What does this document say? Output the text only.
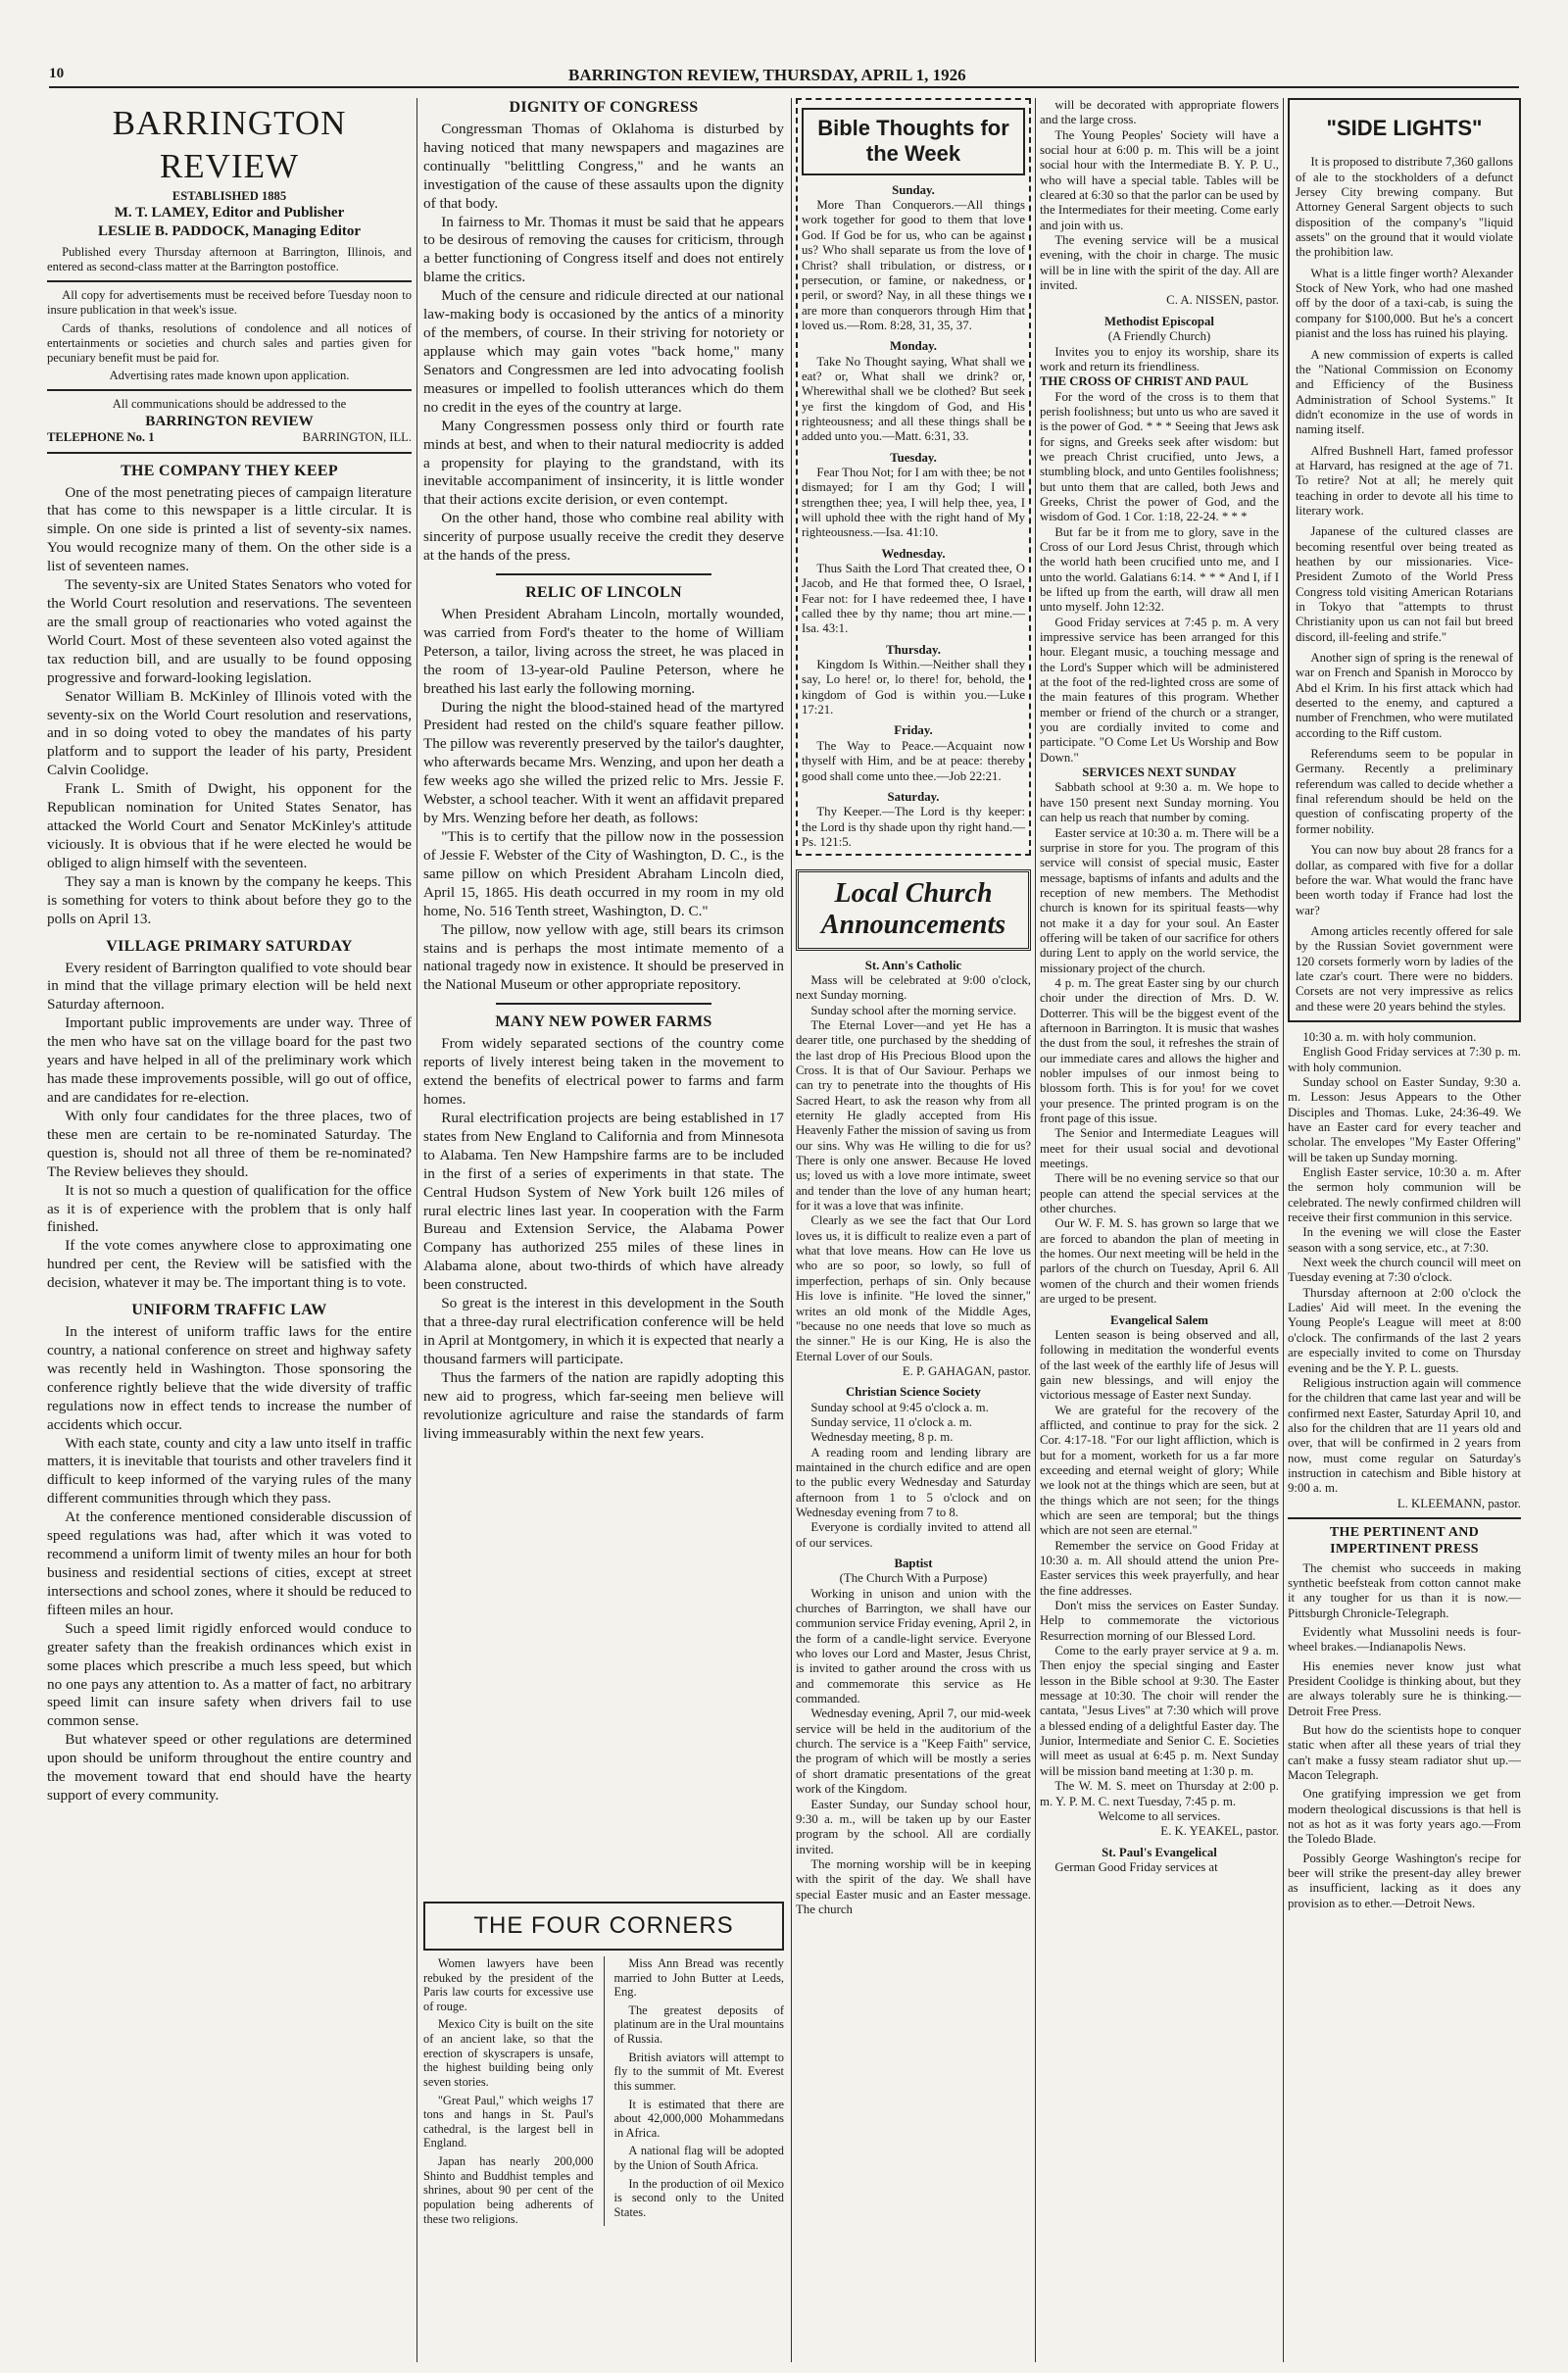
10	BARRINGTON REVIEW, THURSDAY, APRIL 1, 1926
BARRINGTON REVIEW
ESTABLISHED 1885
M. T. LAMEY, Editor and Publisher
LESLIE B. PADDOCK, Managing Editor

Published every Thursday afternoon at Barrington, Illinois, and entered as second-class matter at the Barrington postoffice.

All copy for advertisements must be received before Tuesday noon to insure publication in that week's issue.

Cards of thanks, resolutions of condolence and all notices of entertainments or societies and church sales and parties given for pecuniary benefit must be paid for.

Advertising rates made known upon application.

All communications should be addressed to the
BARRINGTON REVIEW
TELEPHONE No. 1	BARRINGTON, ILL.
THE COMPANY THEY KEEP

One of the most penetrating pieces of campaign literature that has come to this newspaper is a little circular. It is simple. On one side is printed a list of seventy-six names. You would recognize many of them. On the other side is a list of seventeen names.

The seventy-six are United States Senators who voted for the World Court resolution and reservations. The seventeen are the small group of reactionaries who voted against the World Court. Most of these seventeen also voted against the tax reduction bill, and are usually to be found opposing progressive and forward-looking legislation.

Senator William B. McKinley of Illinois voted with the seventy-six on the World Court resolution and reservations, and in so doing voted to obey the mandates of his party platform and to support the leader of his party, President Calvin Coolidge.

Frank L. Smith of Dwight, his opponent for the Republican nomination for United States Senator, has attacked the World Court and Senator McKinley's attitude viciously. It is obvious that if he were elected he would be obliged to align himself with the seventeen.

They say a man is known by the company he keeps. This is something for voters to think about before they go to the polls on April 13.

VILLAGE PRIMARY SATURDAY

Every resident of Barrington qualified to vote should bear in mind that the village primary election will be held next Saturday afternoon.

Important public improvements are under way. Three of the men who have sat on the village board for the past two years and have helped in all of the preliminary work which has made these improvements possible, will go out of office, and are candidates for re-election.

With only four candidates for the three places, two of these men are certain to be re-nominated Saturday. The question is, should not all three of them be re-nominated? The Review believes they should.

It is not so much a question of qualification for the office as it is of experience with the problem that is only half finished.

If the vote comes anywhere close to approximating one hundred per cent, the Review will be satisfied with the decision, whatever it may be. The important thing is to vote.

UNIFORM TRAFFIC LAW

In the interest of uniform traffic laws for the entire country, a national conference on street and highway safety was recently held in Washington. Those sponsoring the conference rightly believe that the wide diversity of traffic regulations now in effect tends to increase the number of accidents which occur.

With each state, county and city a law unto itself in traffic matters, it is inevitable that tourists and other travelers find it difficult to keep informed of the varying rules of the many different communities through which they pass.

At the conference mentioned considerable discussion of speed regulations was had, after which it was voted to recommend a uniform limit of twenty miles an hour for both business and residential sections of cities, except at street intersections and school zones, where it should be reduced to fifteen miles an hour.

Such a speed limit rigidly enforced would conduce to greater safety than the freakish ordinances which exist in some places which prescribe a much less speed, but which no one pays any attention to. As a matter of fact, no arbitrary speed limit can insure safety when drivers fail to use common sense.

But whatever speed or other regulations are determined upon should be uniform throughout the entire country and the movement toward that end should have the hearty support of every community.

DIGNITY OF CONGRESS

Congressman Thomas of Oklahoma is disturbed by having noticed that many newspapers and magazines are continually "belittling Congress," and he wants an investigation of the cause of these assaults upon the dignity of that body.

In fairness to Mr. Thomas it must be said that he appears to be desirous of removing the causes for criticism, through a better functioning of Congress itself and does not entirely blame the critics.

Much of the censure and ridicule directed at our national law-making body is occasioned by the antics of a minority of the members, of course. In their striving for notoriety or applause which may gain votes "back home," many Senators and Congressmen are led into advocating foolish measures or impelled to foolish utterances which do them no credit in the eyes of the country at large.

Many Congressmen possess only third or fourth rate minds at best, and when to their natural mediocrity is added a propensity for playing to the grandstand, with its inevitable accompaniment of insincerity, it is little wonder that their actions excite derision, or even contempt.

On the other hand, those who combine real ability with sincerity of purpose usually receive the credit they deserve at the hands of the press.

RELIC OF LINCOLN

When President Abraham Lincoln, mortally wounded, was carried from Ford's theater to the home of William Peterson, a tailor, living across the street, he was placed in the room of 13-year-old Pauline Peterson, where he breathed his last early the following morning.

During the night the blood-stained head of the martyred President had rested on the child's square feather pillow. The pillow was reverently preserved by the tailor's daughter, who afterwards became Mrs. Wenzing, and upon her death a few weeks ago she willed the prized relic to Mrs. Jessie F. Webster, a school teacher. With it went an affidavit prepared by Mrs. Wenzing before her death, as follows:

"This is to certify that the pillow now in the possession of Jessie F. Webster of the City of Washington, D. C., is the same pillow on which President Abraham Lincoln died, April 15, 1865. His death occurred in my room in my old home, No. 516 Tenth street, Washington, D. C."

The pillow, now yellow with age, still bears its crimson stains and is perhaps the most intimate memento of a national tragedy now in existence. It should be preserved in the National Museum or other appropriate repository.

MANY NEW POWER FARMS

From widely separated sections of the country come reports of lively interest being taken in the movement to extend the benefits of electrical power to farms and farm homes.

Rural electrification projects are being established in 17 states from New England to California and from Minnesota to Alabama. Ten New Hampshire farms are to be included in the first of a series of experiments in that state. The Central Hudson System of New York built 126 miles of rural electric lines last year. In cooperation with the Farm Bureau and Extension Service, the Alabama Power Company has authorized 255 miles of these lines in Alabama alone, about two-thirds of which have already been constructed.

So great is the interest in this development in the South that a three-day rural electrification conference will be held in April at Montgomery, in which it is expected that nearly a thousand farmers will participate.

Thus the farmers of the nation are rapidly adopting this new aid to progress, which far-seeing men believe will revolutionize agriculture and raise the standards of farm living immeasurably within the next few years.

THE FOUR CORNERS

Women lawyers have been rebuked by the president of the Paris law courts for excessive use of rouge.

Mexico City is built on the site of an ancient lake, so that the erection of skyscrapers is unsafe, the highest building being only seven stories.

"Great Paul," which weighs 17 tons and hangs in St. Paul's cathedral, is the largest bell in England.

Japan has nearly 200,000 Shinto and Buddhist temples and shrines, about 90 per cent of the population being adherents of these two religions.

Miss Ann Bread was recently married to John Butter at Leeds, Eng.

The greatest deposits of platinum are in the Ural mountains of Russia.

British aviators will attempt to fly to the summit of Mt. Everest this summer.

It is estimated that there are about 42,000,000 Mohammedans in Africa.

A national flag will be adopted by the Union of South Africa.

In the production of oil Mexico is second only to the United States.

Bible Thoughts for the Week
Sunday.

More Than Conquerors.—All things work together for good to them that love God. If God be for us, who can be against us? Who shall separate us from the love of Christ? shall tribulation, or distress, or persecution, or famine, or nakedness, or peril, or sword? Nay, in all these things we are more than conquerors through Him that loved us.—Rom. 8:28, 31, 35, 37.

Monday.

Take No Thought saying, What shall we eat? or, What shall we drink? or, Wherewithal shall we be clothed? But seek ye first the kingdom of God, and His righteousness; and all these things shall be added unto you.—Matt. 6:31, 33.

Tuesday.

Fear Thou Not; for I am with thee; be not dismayed; for I am thy God; I will strengthen thee; yea, I will help thee, yea, I will uphold thee with the right hand of My righteousness.—Isa. 41:10.

Wednesday.

Thus Saith the Lord That created thee, O Jacob, and He that formed thee, O Israel, Fear not: for I have redeemed thee, I have called thee by thy name; thou art mine.—Isa. 43:1.

Thursday.

Kingdom Is Within.—Neither shall they say, Lo here! or, lo there! for, behold, the kingdom of God is within you.—Luke 17:21.

Friday.

The Way to Peace.—Acquaint now thyself with Him, and be at peace: thereby good shall come unto thee.—Job 22:21.

Saturday.

Thy Keeper.—The Lord is thy keeper: the Lord is thy shade upon thy right hand.—Ps. 121:5.

Local Church Announcements
St. Ann's Catholic

Mass will be celebrated at 9:00 o'clock, next Sunday morning.

Sunday school after the morning service.

The Eternal Lover—and yet He has a dearer title, one purchased by the shedding of the last drop of His Precious Blood upon the Cross. It is that of Our Saviour. Perhaps we can try to penetrate into the thoughts of His Sacred Heart, to ask the reason why from all eternity He gladly accepted from His Heavenly Father the mission of saving us from our sins. Why was He willing to die for us? There is only one answer. Because He loved us; loved us with a love more intimate, sweet and tender than the love of any human heart; for it was a love that was infinite.

Clearly as we see the fact that Our Lord loves us, it is difficult to realize even a part of what that love means. How can He love us who are so poor, so lowly, so full of imperfection, perhaps of sin. Only because His love is infinite. "He loved the sinner," writes an old monk of the Middle Ages, "because no one needs that love so much as the sinner." He is our King, He is also the Eternal Lover of our Souls.

E. P. GAHAGAN, pastor.

Christian Science Society

Sunday school at 9:45 o'clock a. m.

Sunday service, 11 o'clock a. m.

Wednesday meeting, 8 p. m.

A reading room and lending library are maintained in the church edifice and are open to the public every Wednesday and Saturday afternoon from 1 to 5 o'clock and on Wednesday evening from 7 to 8.

Everyone is cordially invited to attend all of our services.

Baptist
(The Church With a Purpose)

Working in unison and union with the churches of Barrington, we shall have our communion service Friday evening, April 2, in the form of a candle-light service. Everyone who loves our Lord and Master, Jesus Christ, is invited to gather around the cross with us and commemorate this service as He commanded.

Wednesday evening, April 7, our mid-week service will be held in the auditorium of the church. The service is a "Keep Faith" service, the program of which will be mostly a series of short dramatic presentations of the great work of the Kingdom.

Easter Sunday, our Sunday school hour, 9:30 a. m., will be taken up by our Easter program by the school. All are cordially invited.

The morning worship will be in keeping with the spirit of the day. We shall have special Easter music and an Easter message. The church

will be decorated with appropriate flowers and the large cross.

The Young Peoples' Society will have a social hour at 6:00 p. m. This will be a joint social hour with the Intermediate B. Y. P. U., who will have a special table. Tables will be cleared at 6:30 so that the parlor can be used by the Intermediates for their meeting. Come early and join with us.

The evening service will be a musical evening, with the choir in charge. The music will be in line with the spirit of the day. All are invited.

C. A. NISSEN, pastor.

Methodist Episcopal
(A Friendly Church)

Invites you to enjoy its worship, share its work and return its friendliness.

THE CROSS OF CHRIST AND PAUL

For the word of the cross is to them that perish foolishness; but unto us who are saved it is the power of God. * * * Seeing that Jews ask for signs, and Greeks seek after wisdom: but we preach Christ crucified, unto Jews, a stumbling block, and unto Gentiles foolishness; but unto them that are called, both Jews and Greeks, Christ the power of God, and the wisdom of God. 1 Cor. 1:18, 22-24. * * *

But far be it from me to glory, save in the Cross of our Lord Jesus Christ, through which the world hath been crucified unto me, and I unto the world. Galatians 6:14. * * * And I, if I be lifted up from the earth, will draw all men unto myself. John 12:32.

Good Friday services at 7:45 p. m. A very impressive service has been arranged for this hour. Elegant music, a touching message and the Lord's Supper which will be administered at the foot of the red-lighted cross are some of the main features of this program. Whether member or friend of the church or a stranger, you are cordially invited to come and participate. "O Come Let Us Worship and Bow Down."

SERVICES NEXT SUNDAY

Sabbath school at 9:30 a. m. We hope to have 150 present next Sunday morning. You can help us reach that number by coming.

Easter service at 10:30 a. m. There will be a surprise in store for you. The program of this service will consist of special music, Easter message, baptisms of infants and adults and the reception of new members. The Methodist church is known for its spiritual feasts—why not make it a day for your soul. An Easter offering will be taken of our sacrifice for others during Lent to apply on the world service, the missionary project of the church.

4 p. m. The great Easter sing by our church choir under the direction of Mrs. D. W. Dotterrer. This will be the biggest event of the afternoon in Barrington. It is music that washes the dust from the soul, it refreshes the strain of our immediate cares and allows the higher and nobler impulses of our inmost being to blossom forth. This is for you! for we covet your presence. The printed program is on the front page of this issue.

The Senior and Intermediate Leagues will meet for their usual social and devotional meetings.

There will be no evening service so that our people can attend the special services at the other churches.

Our W. F. M. S. has grown so large that we are forced to abandon the plan of meeting in the homes. Our next meeting will be held in the parlors of the church on Tuesday, April 6. All women of the church and their women friends are urged to be present.

Evangelical Salem

Lenten season is being observed and all, following in meditation the wonderful events of the last week of the earthly life of Jesus will gain new blessings, and will enjoy the victorious message of Easter next Sunday.

We are grateful for the recovery of the afflicted, and continue to pray for the sick. 2 Cor. 4:17-18. "For our light affliction, which is but for a moment, worketh for us a far more exceeding and eternal weight of glory; While we look not at the things which are seen, but at the things which are not seen; for the things which are seen are temporal; but the things which are not seen are eternal."

Remember the service on Good Friday at 10:30 a. m. All should attend the union Pre-Easter services this week prayerfully, and hear the fine addresses.

Don't miss the services on Easter Sunday. Help to commemorate the victorious Resurrection morning of our Blessed Lord.

Come to the early prayer service at 9 a. m. Then enjoy the special singing and Easter lesson in the Bible school at 9:30. The Easter message at 10:30. The choir will render the cantata, "Jesus Lives" at 7:30 which will prove a blessed ending of a delightful Easter day. The Junior, Intermediate and Senior C. E. Societies will meet as usual at 6:45 p. m. Next Sunday will be mission band meeting at 1:30 p. m.

The W. M. S. meet on Thursday at 2:00 p. m. Y. P. M. C. next Tuesday, 7:45 p. m.

Welcome to all services.

E. K. YEAKEL, pastor.

St. Paul's Evangelical

German Good Friday services at

"SIDE LIGHTS"

It is proposed to distribute 7,360 gallons of ale to the stockholders of a defunct Jersey City brewing company. But Attorney General Sargent objects to such disposition of the company's "liquid assets" on the ground that it would violate the prohibition law.

What is a little finger worth? Alexander Stock of New York, who had one mashed off by the door of a taxi-cab, is suing the company for $100,000. But he's a concert pianist and the loss has ruined his playing.

A new commission of experts is called the "National Commission on Economy and Efficiency of the Business Administration of School Systems." It didn't economize in the use of words in naming itself.

Alfred Bushnell Hart, famed professor at Harvard, has resigned at the age of 71. To retire? Not at all; he merely quit teaching in order to devote all his time to literary work.

Japanese of the cultured classes are becoming resentful over being treated as heathen by our missionaries. Vice-President Zumoto of the World Press Congress told visiting American Rotarians in Tokyo that "attempts to thrust Christianity upon us can not fail but breed discord, ill-feeling and strife."

Another sign of spring is the renewal of war on French and Spanish in Morocco by Abd el Krim. In his first attack which had deserted to the enemy, and captured a number of Frenchmen, who were mutilated according to the Riff custom.

Referendums seem to be popular in Germany. Recently a preliminary referendum was called to decide whether a final referendum should be held on the question of confiscating property of the former nobility.

You can now buy about 28 francs for a dollar, as compared with five for a dollar before the war. What would the franc have been worth today if France had lost the war?

Among articles recently offered for sale by the Russian Soviet government were 120 corsets formerly worn by ladies of the late czar's court. There were no bidders. Corsets are not very impressive as relics and these were 20 years behind the styles.

10:30 a. m. with holy communion.

English Good Friday services at 7:30 p. m. with holy communion.

Sunday school on Easter Sunday, 9:30 a. m. Lesson: Jesus Appears to the Other Disciples and Thomas. Luke, 24:36-49. We have an Easter card for every teacher and scholar. The envelopes "My Easter Offering" will be taken up Sunday morning.

English Easter service, 10:30 a. m. After the sermon holy communion will be celebrated. The newly confirmed children will receive their first communion in this service.

In the evening we will close the Easter season with a song service, etc., at 7:30.

Next week the church council will meet on Tuesday evening at 7:30 o'clock.

Thursday afternoon at 2:00 o'clock the Ladies' Aid will meet. In the evening the Young People's League will meet at 8:00 o'clock. The confirmands of the last 2 years are especially invited to come on Thursday evening and be the Y. P. L. guests.

Religious instruction again will commence for the children that came last year and will be confirmed next Easter, Saturday April 10, and also for the children that are 11 years old and over, that will be confirmed in 2 years from now, must come regular on Saturday's instruction in catechism and Bible history at 9:00 a. m.

L. KLEEMANN, pastor.

THE PERTINENT AND IMPERTINENT PRESS

The chemist who succeeds in making synthetic beefsteak from cotton cannot make it any tougher for us than it is now.—Pittsburgh Chronicle-Telegraph.

Evidently what Mussolini needs is four-wheel brakes.—Indianapolis News.

His enemies never know just what President Coolidge is thinking about, but they are always tolerably sure he is thinking.—Detroit Free Press.

But how do the scientists hope to conquer static when after all these years of trial they can't make a fussy steam radiator shut up.—Macon Telegraph.

One gratifying impression we get from modern theological discussions is that hell is not as hot as it was forty years ago.—From the Toledo Blade.

Possibly George Washington's recipe for beer will strike the present-day alley brewer as insufficient, lacking as it does any provision as to ether.—Detroit News.
